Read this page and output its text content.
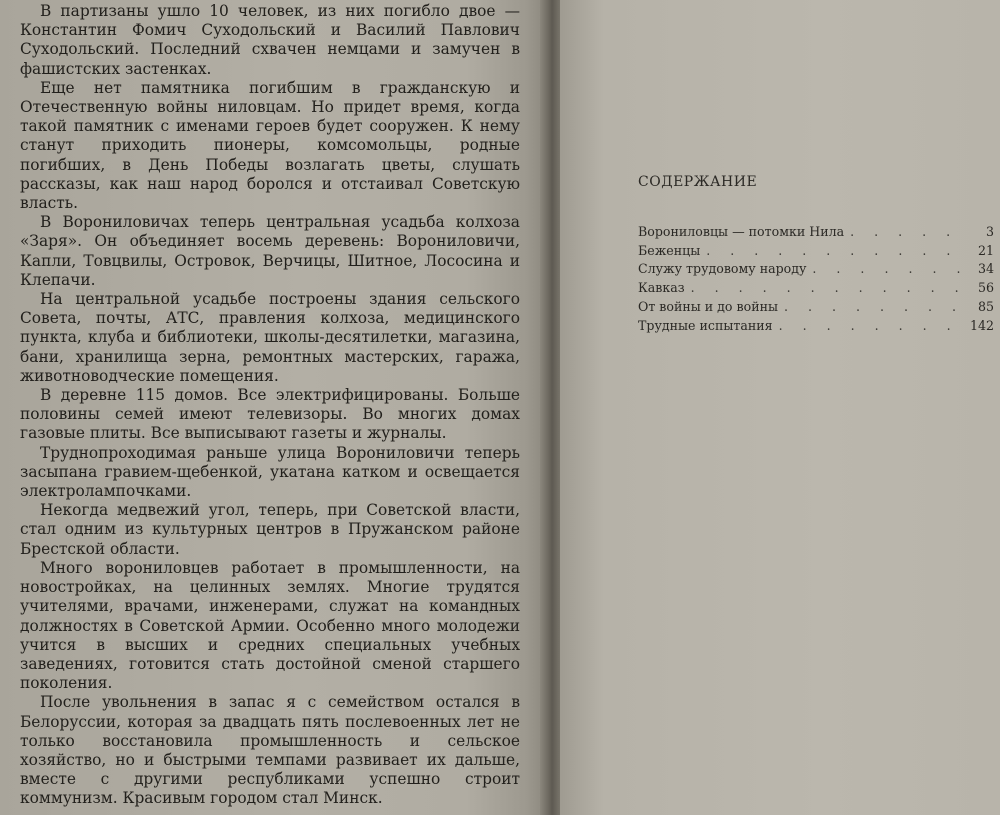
В партизаны ушло 10 человек, из них погибло двое — Константин Фомич Суходольский и Василий Павлович Суходольский. Последний схвачен немцами и замучен в фашистских застенках.

Еще нет памятника погибшим в гражданскую и Отечественную войны ниловцам. Но придет время, когда такой памятник с именами героев будет сооружен. К нему станут приходить пионеры, комсомольцы, родные погибших, в День Победы возлагать цветы, слушать рассказы, как наш народ боролся и отстаивал Советскую власть.

В Ворониловичах теперь центральная усадьба колхоза «Заря». Он объединяет восемь деревень: Ворониловичи, Капли, Товцвилы, Островок, Верчицы, Шитное, Лососина и Клепачи.

На центральной усадьбе построены здания сельского Совета, почты, АТС, правления колхоза, медицинского пункта, клуба и библиотеки, школы-десятилетки, магазина, бани, хранилища зерна, ремонтных мастерских, гаража, животноводческие помещения.

В деревне 115 домов. Все электрифицированы. Больше половины семей имеют телевизоры. Во многих домах газовые плиты. Все выписывают газеты и журналы.

Труднопроходимая раньше улица Ворониловичи теперь засыпана гравием-щебенкой, укатана катком и освещается электролампочками.

Некогда медвежий угол, теперь, при Советской власти, стал одним из культурных центров в Пружанском районе Брестской области.

Много ворониловцев работает в промышленности, на новостройках, на целинных землях. Многие трудятся учителями, врачами, инженерами, служат на командных должностях в Советской Армии. Особенно много молодежи учится в высших и средних специальных учебных заведениях, готовится стать достойной сменой старшего поколения.

После увольнения в запас я с семейством остался в Белоруссии, которая за двадцать пять послевоенных лет не только восстановила промышленность и сельское хозяйство, но и быстрыми темпами развивает их дальше, вместе с другими республиками успешно строит коммунизм. Красивым городом стал Минск.

СОДЕРЖАНИЕ
Ворониловцы — потомки Нила . . .	3
Беженцы . . .	21
Служу трудовому народу . . .	34
Кавказ . . .	56
От войны и до войны . . .	85
Трудные испытания . . .	142
